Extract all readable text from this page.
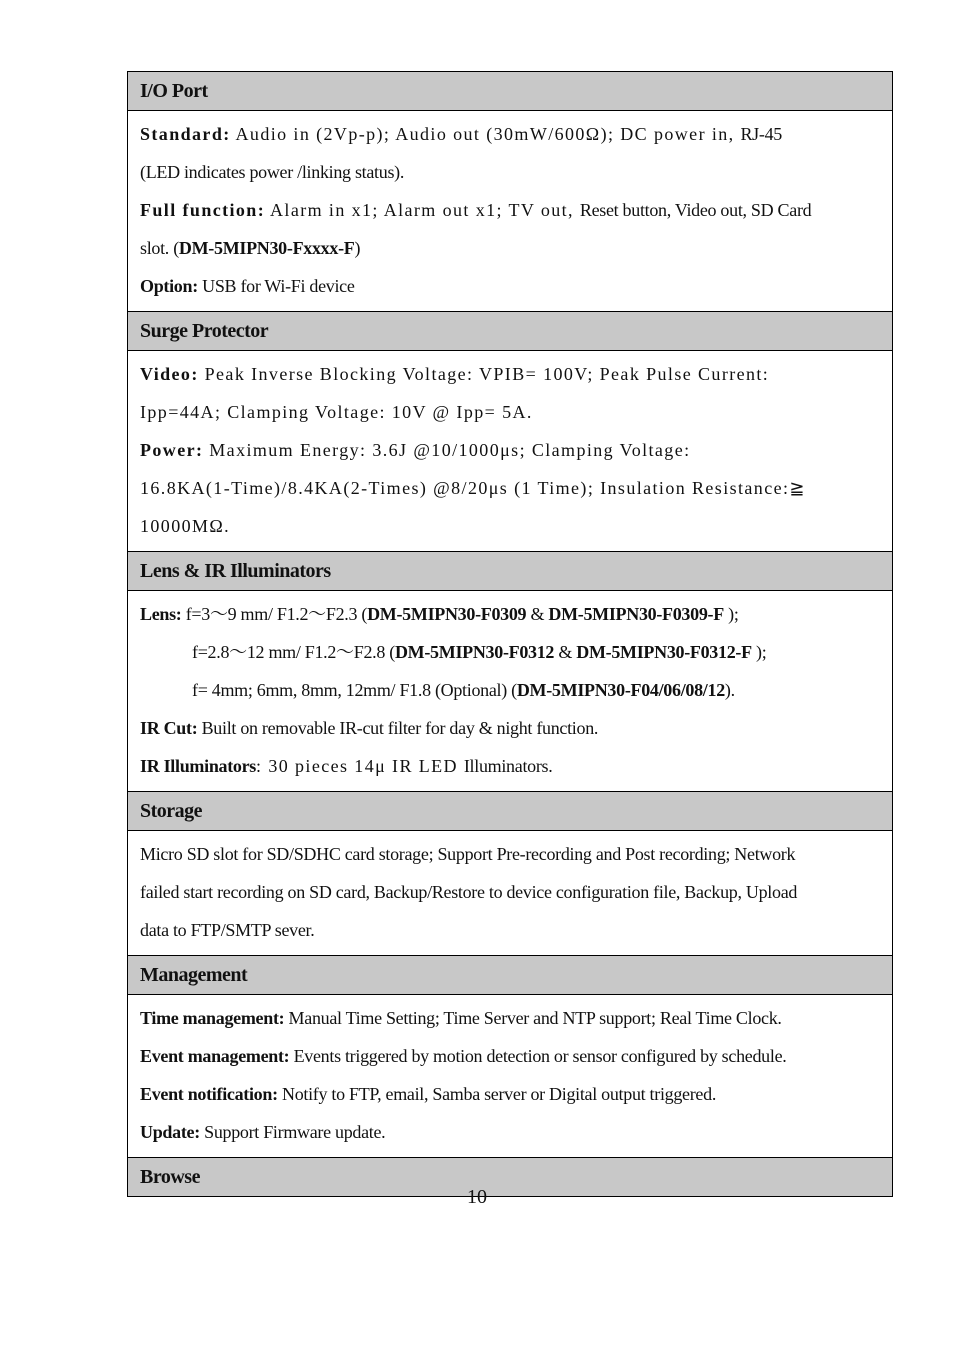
I/O Port
Standard: Audio in (2Vp-p); Audio out (30mW/600Ω); DC power in, RJ-45
(LED indicates power /linking status).
Full function: Alarm in x1; Alarm out x1; TV out, Reset button, Video out, SD Card
slot. (DM-5MIPN30-Fxxxx-F)
Option: USB for Wi-Fi device
Surge Protector
Video: Peak Inverse Blocking Voltage: VPIB= 100V; Peak Pulse Current:
Ipp=44A; Clamping Voltage: 10V @ Ipp= 5A.
Power: Maximum Energy: 3.6J @10/1000μs; Clamping Voltage:
16.8KA(1-Time)/8.4KA(2-Times) @8/20μs (1 Time); Insulation Resistance:≧
10000MΩ.
Lens & IR Illuminators
Lens: f=3～9 mm/ F1.2～F2.3 (DM-5MIPN30-F0309 & DM-5MIPN30-F0309-F );
f=2.8～12 mm/ F1.2～F2.8 (DM-5MIPN30-F0312 & DM-5MIPN30-F0312-F );
f= 4mm; 6mm, 8mm, 12mm/ F1.8 (Optional) (DM-5MIPN30-F04/06/08/12).
IR Cut: Built on removable IR-cut filter for day & night function.
IR Illuminators: 30 pieces 14μ IR LED Illuminators.
Storage
Micro SD slot for SD/SDHC card storage; Support Pre-recording and Post recording; Network
failed start recording on SD card, Backup/Restore to device configuration file, Backup, Upload
data to FTP/SMTP sever.
Management
Time management: Manual Time Setting; Time Server and NTP support; Real Time Clock.
Event management: Events triggered by motion detection or sensor configured by schedule.
Event notification: Notify to FTP, email, Samba server or Digital output triggered.
Update: Support Firmware update.
Browse
10
